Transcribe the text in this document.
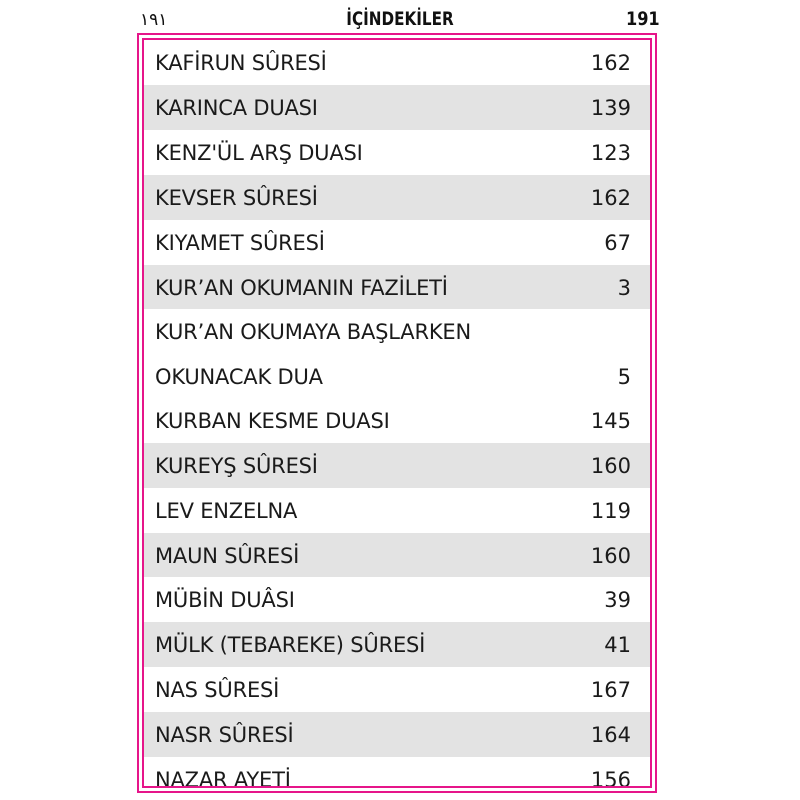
١٩١	İÇİNDEKİLER	191
KAFİRUN SÛRESİ	162
KARINCA DUASI	139
KENZ'ÜL ARŞ DUASI	123
KEVSER SÛRESİ	162
KIYAMET SÛRESİ	67
KUR’AN OKUMANIN FAZİLETİ	3
KUR’AN OKUMAYA BAŞLARKEN
OKUNACAK DUA	5
KURBAN KESME DUASI	145
KUREYŞ SÛRESİ	160
LEV ENZELNA	119
MAUN SÛRESİ	160
MÜBİN DUÂSI	39
MÜLK (TEBAREKE) SÛRESİ	41
NAS SÛRESİ	167
NASR SÛRESİ	164
NAZAR AYETİ	156
